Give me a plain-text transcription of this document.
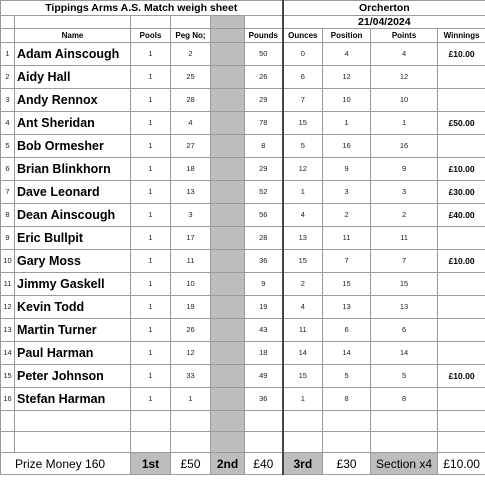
Tippings Arms A.S. Match weigh sheet						Orcherton			
						21/04/2024			
	Name	Pools	Peg No;		Pounds	Ounces	Position	Points	Winnings
1	Adam Ainscough	1	2		50	0	4	4	£10.00
2	Aidy Hall	1	25		26	6	12	12	
3	Andy Rennox	1	28		29	7	10	10	
4	Ant Sheridan	1	4		78	15	1	1	£50.00
5	Bob Ormesher	1	27		8	5	16	16	
6	Brian Blinkhorn	1	18		29	12	9	9	£10.00
7	Dave Leonard	1	13		52	1	3	3	£30.00
8	Dean Ainscough	1	3		56	4	2	2	£40.00
9	Eric Bullpit	1	17		28	13	11	11	
10	Gary Moss	1	11		36	15	7	7	£10.00
11	Jimmy Gaskell	1	10		9	2	15	15	
12	Kevin Todd	1	19		19	4	13	13	
13	Martin Turner	1	26		43	11	6	6	
14	Paul Harman	1	12		18	14	14	14	
15	Peter Johnson	1	33		49	15	5	5	£10.00
16	Stefan Harman	1	1		36	1	8	8	

Prize Money 160		1st	£50	2nd	£40	3rd	£30	Section x4	£10.00
